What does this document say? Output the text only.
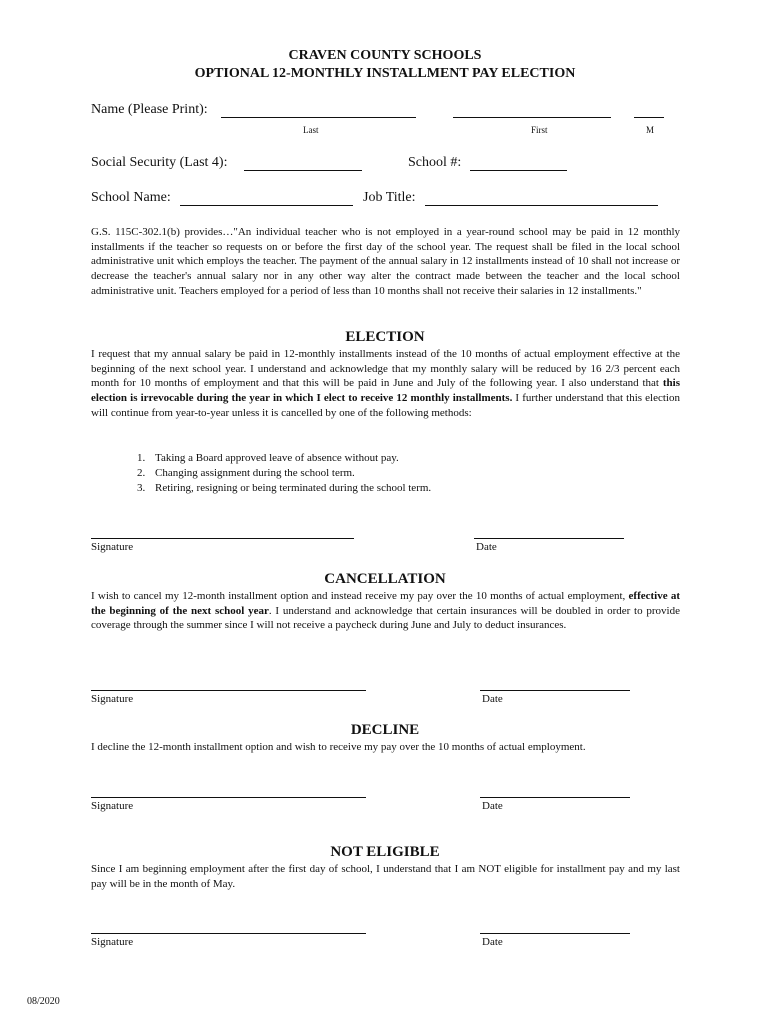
CRAVEN COUNTY SCHOOLS
OPTIONAL 12-MONTHLY INSTALLMENT PAY ELECTION
Name (Please Print):
Last	First	M
Social Security (Last 4):	School #:
School Name:	Job Title:
G.S. 115C-302.1(b) provides…"An individual teacher who is not employed in a year-round school may be paid in 12 monthly installments if the teacher so requests on or before the first day of the school year. The request shall be filed in the local school administrative unit which employs the teacher. The payment of the annual salary in 12 installments instead of 10 shall not increase or decrease the teacher's annual salary nor in any other way alter the contract made between the teacher and the local school administrative unit. Teachers employed for a period of less than 10 months shall not receive their salaries in 12 installments."
ELECTION
I request that my annual salary be paid in 12-monthly installments instead of the 10 months of actual employment effective at the beginning of the next school year. I understand and acknowledge that my monthly salary will be reduced by 16 2/3 percent each month for 10 months of employment and that this will be paid in June and July of the following year. I also understand that this election is irrevocable during the year in which I elect to receive 12 monthly installments. I further understand that this election will continue from year-to-year unless it is cancelled by one of the following methods:
1. Taking a Board approved leave of absence without pay.
2. Changing assignment during the school term.
3. Retiring, resigning or being terminated during the school term.
Signature	Date
CANCELLATION
I wish to cancel my 12-month installment option and instead receive my pay over the 10 months of actual employment, effective at the beginning of the next school year. I understand and acknowledge that certain insurances will be doubled in order to provide coverage through the summer since I will not receive a paycheck during June and July to deduct insurances.
Signature	Date
DECLINE
I decline the 12-month installment option and wish to receive my pay over the 10 months of actual employment.
Signature	Date
NOT ELIGIBLE
Since I am beginning employment after the first day of school, I understand that I am NOT eligible for installment pay and my last pay will be in the month of May.
Signature	Date
08/2020
